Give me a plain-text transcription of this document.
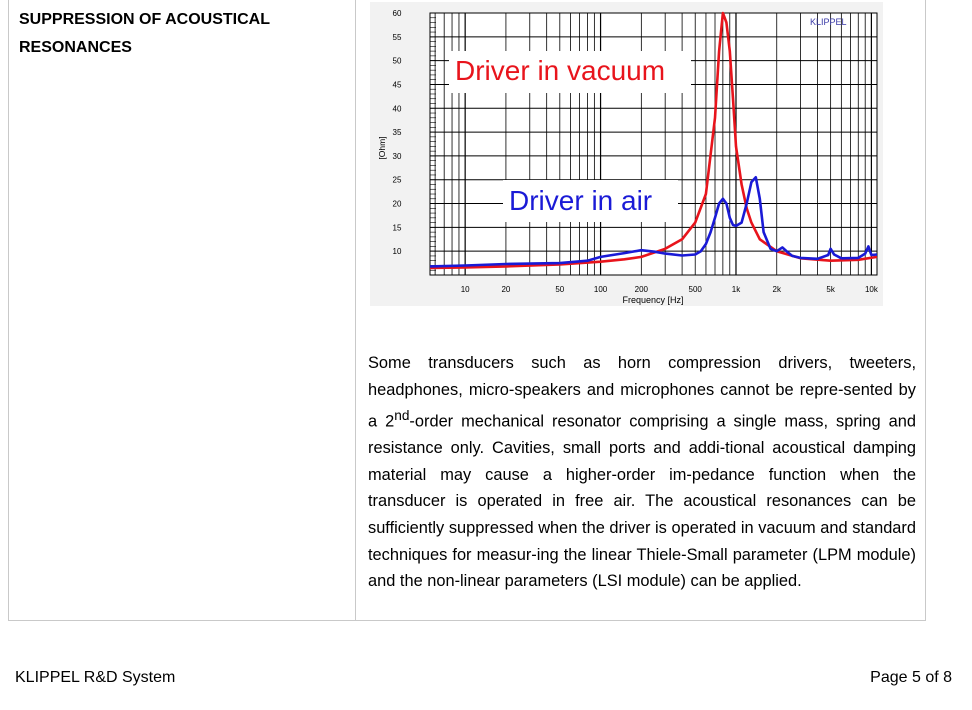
SUPPRESSION OF ACOUSTICAL RESONANCES
10
15
20
25
30
35
40
45
50
55
60
10	20	50	100	200	500	1k	2k	5k	10k
KLIPPEL
[Ohm]
Frequency [Hz]
Driver in vacuum
Driver in air

Some transducers such as horn compression drivers, tweeters, headphones, micro-speakers and microphones cannot be repre-sented by a 2nd-order mechanical resonator comprising a single mass, spring and resistance only. Cavities, small ports and addi-tional acoustical damping material may cause a higher-order im-pedance function when the transducer is operated in free air. The acoustical resonances can be sufficiently suppressed when the driver is operated in vacuum and standard techniques for measur-ing the linear Thiele-Small parameter (LPM module) and the non-linear parameters (LSI module) can be applied.

KLIPPEL R&D System	Page 5 of 8
